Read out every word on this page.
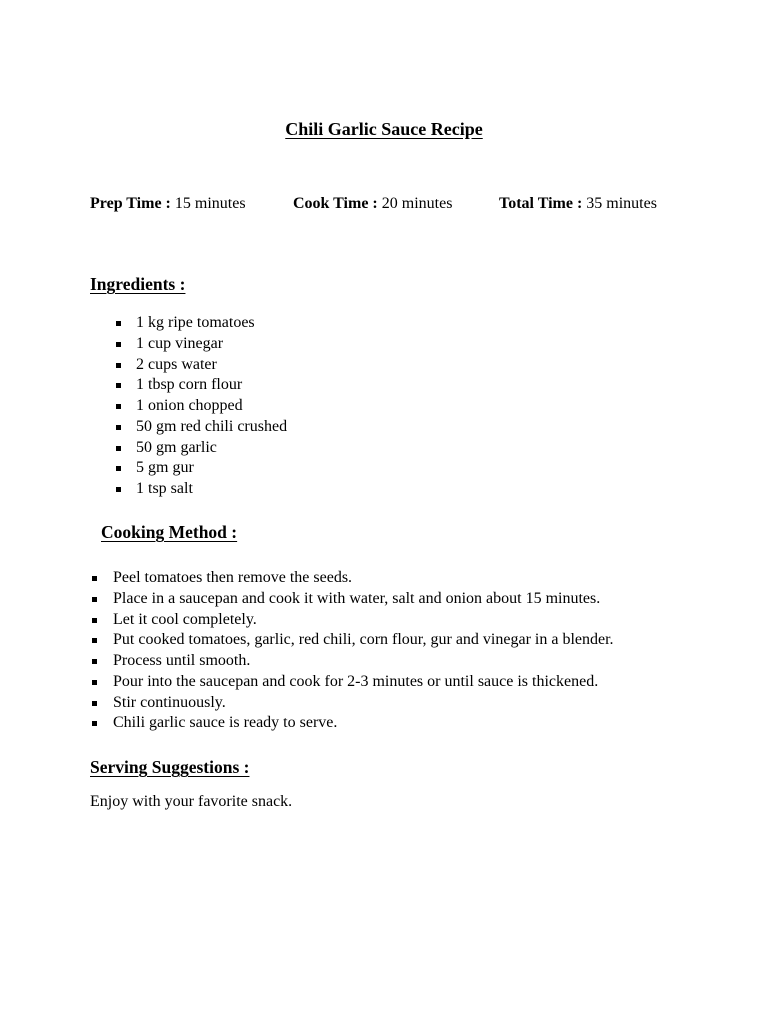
Chili Garlic Sauce Recipe
Prep Time : 15 minutes	Cook Time : 20 minutes	Total Time : 35 minutes
Ingredients :
1 kg ripe tomatoes
1 cup vinegar
2 cups water
1 tbsp corn flour
1 onion chopped
50 gm red chili crushed
50 gm garlic
5 gm gur
1 tsp salt
Cooking Method :
Peel tomatoes then remove the seeds.
Place in a saucepan and cook it with water, salt and onion about 15 minutes.
Let it cool completely.
Put cooked tomatoes, garlic, red chili, corn flour, gur and vinegar in a blender.
Process until smooth.
Pour into the saucepan and cook for 2-3 minutes or until sauce is thickened.
Stir continuously.
Chili garlic sauce is ready to serve.
Serving Suggestions :
Enjoy with your favorite snack.
